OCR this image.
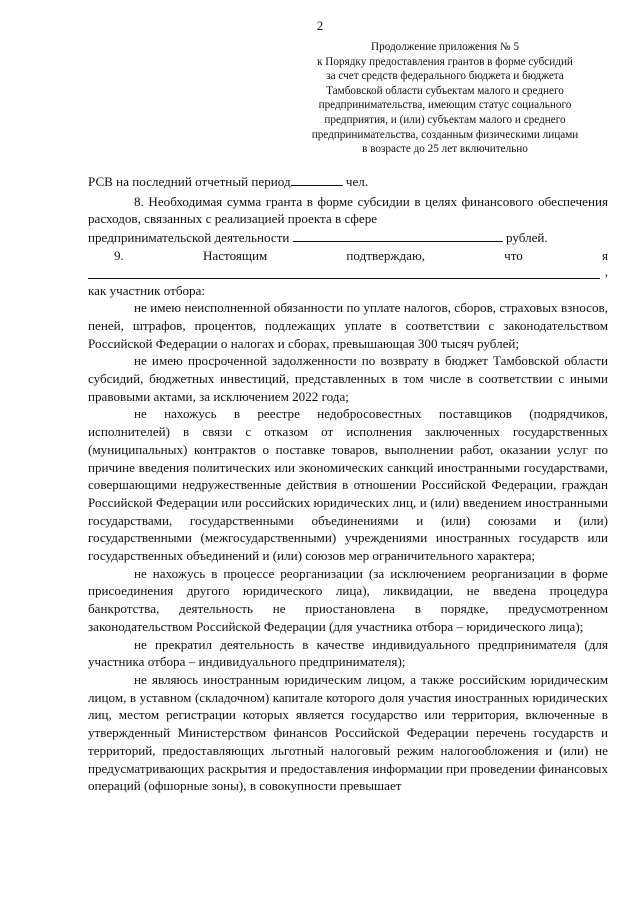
2
Продолжение приложения № 5
к Порядку предоставления грантов в форме субсидий
за счет средств федерального бюджета и бюджета
Тамбовской области субъектам малого и среднего
предпринимательства, имеющим статус социального
предприятия, и (или) субъектам малого и среднего
предпринимательства, созданным физическими лицами
в возрасте до 25 лет включительно
РСВ на последний отчетный период	чел.

8. Необходимая сумма гранта в форме субсидии в целях финансового обеспечения расходов, связанных с реализацией проекта в сфере

предпринимательской деятельности	рублей.
9.	Настоящим	подтверждаю,	что	я
,
как участник отбора:

не имею неисполненной обязанности по уплате налогов, сборов, страховых взносов, пеней, штрафов, процентов, подлежащих уплате в соответствии с законодательством Российской Федерации о налогах и сборах, превышающая 300 тысяч рублей;

не имею просроченной задолженности по возврату в бюджет Тамбовской области субсидий, бюджетных инвестиций, представленных в том числе в соответствии с иными правовыми актами, за исключением 2022 года;

не нахожусь в реестре недобросовестных поставщиков (подрядчиков, исполнителей) в связи с отказом от исполнения заключенных государственных (муниципальных) контрактов о поставке товаров, выполнении работ, оказании услуг по причине введения политических или экономических санкций иностранными государствами, совершающими недружественные действия в отношении Российской Федерации, граждан Российской Федерации или российских юридических лиц, и (или) введением иностранными государствами, государственными объединениями и (или) союзами и (или) государственными (межгосударственными) учреждениями иностранных государств или государственных объединений и (или) союзов мер ограничительного характера;

не нахожусь в процессе реорганизации (за исключением реорганизации в форме присоединения другого юридического лица), ликвидации, не введена процедура банкротства, деятельность не приостановлена в порядке, предусмотренном законодательством Российской Федерации (для участника отбора – юридического лица);

не прекратил деятельность в качестве индивидуального предпринимателя (для участника отбора – индивидуального предпринимателя);

не являюсь иностранным юридическим лицом, а также российским юридическим лицом, в уставном (складочном) капитале которого доля участия иностранных юридических лиц, местом регистрации которых является государство или территория, включенные в утвержденный Министерством финансов Российской Федерации перечень государств и территорий, предоставляющих льготный налоговый режим налогообложения и (или) не предусматривающих раскрытия и предоставления информации при проведении финансовых операций (офшорные зоны), в совокупности превышает
